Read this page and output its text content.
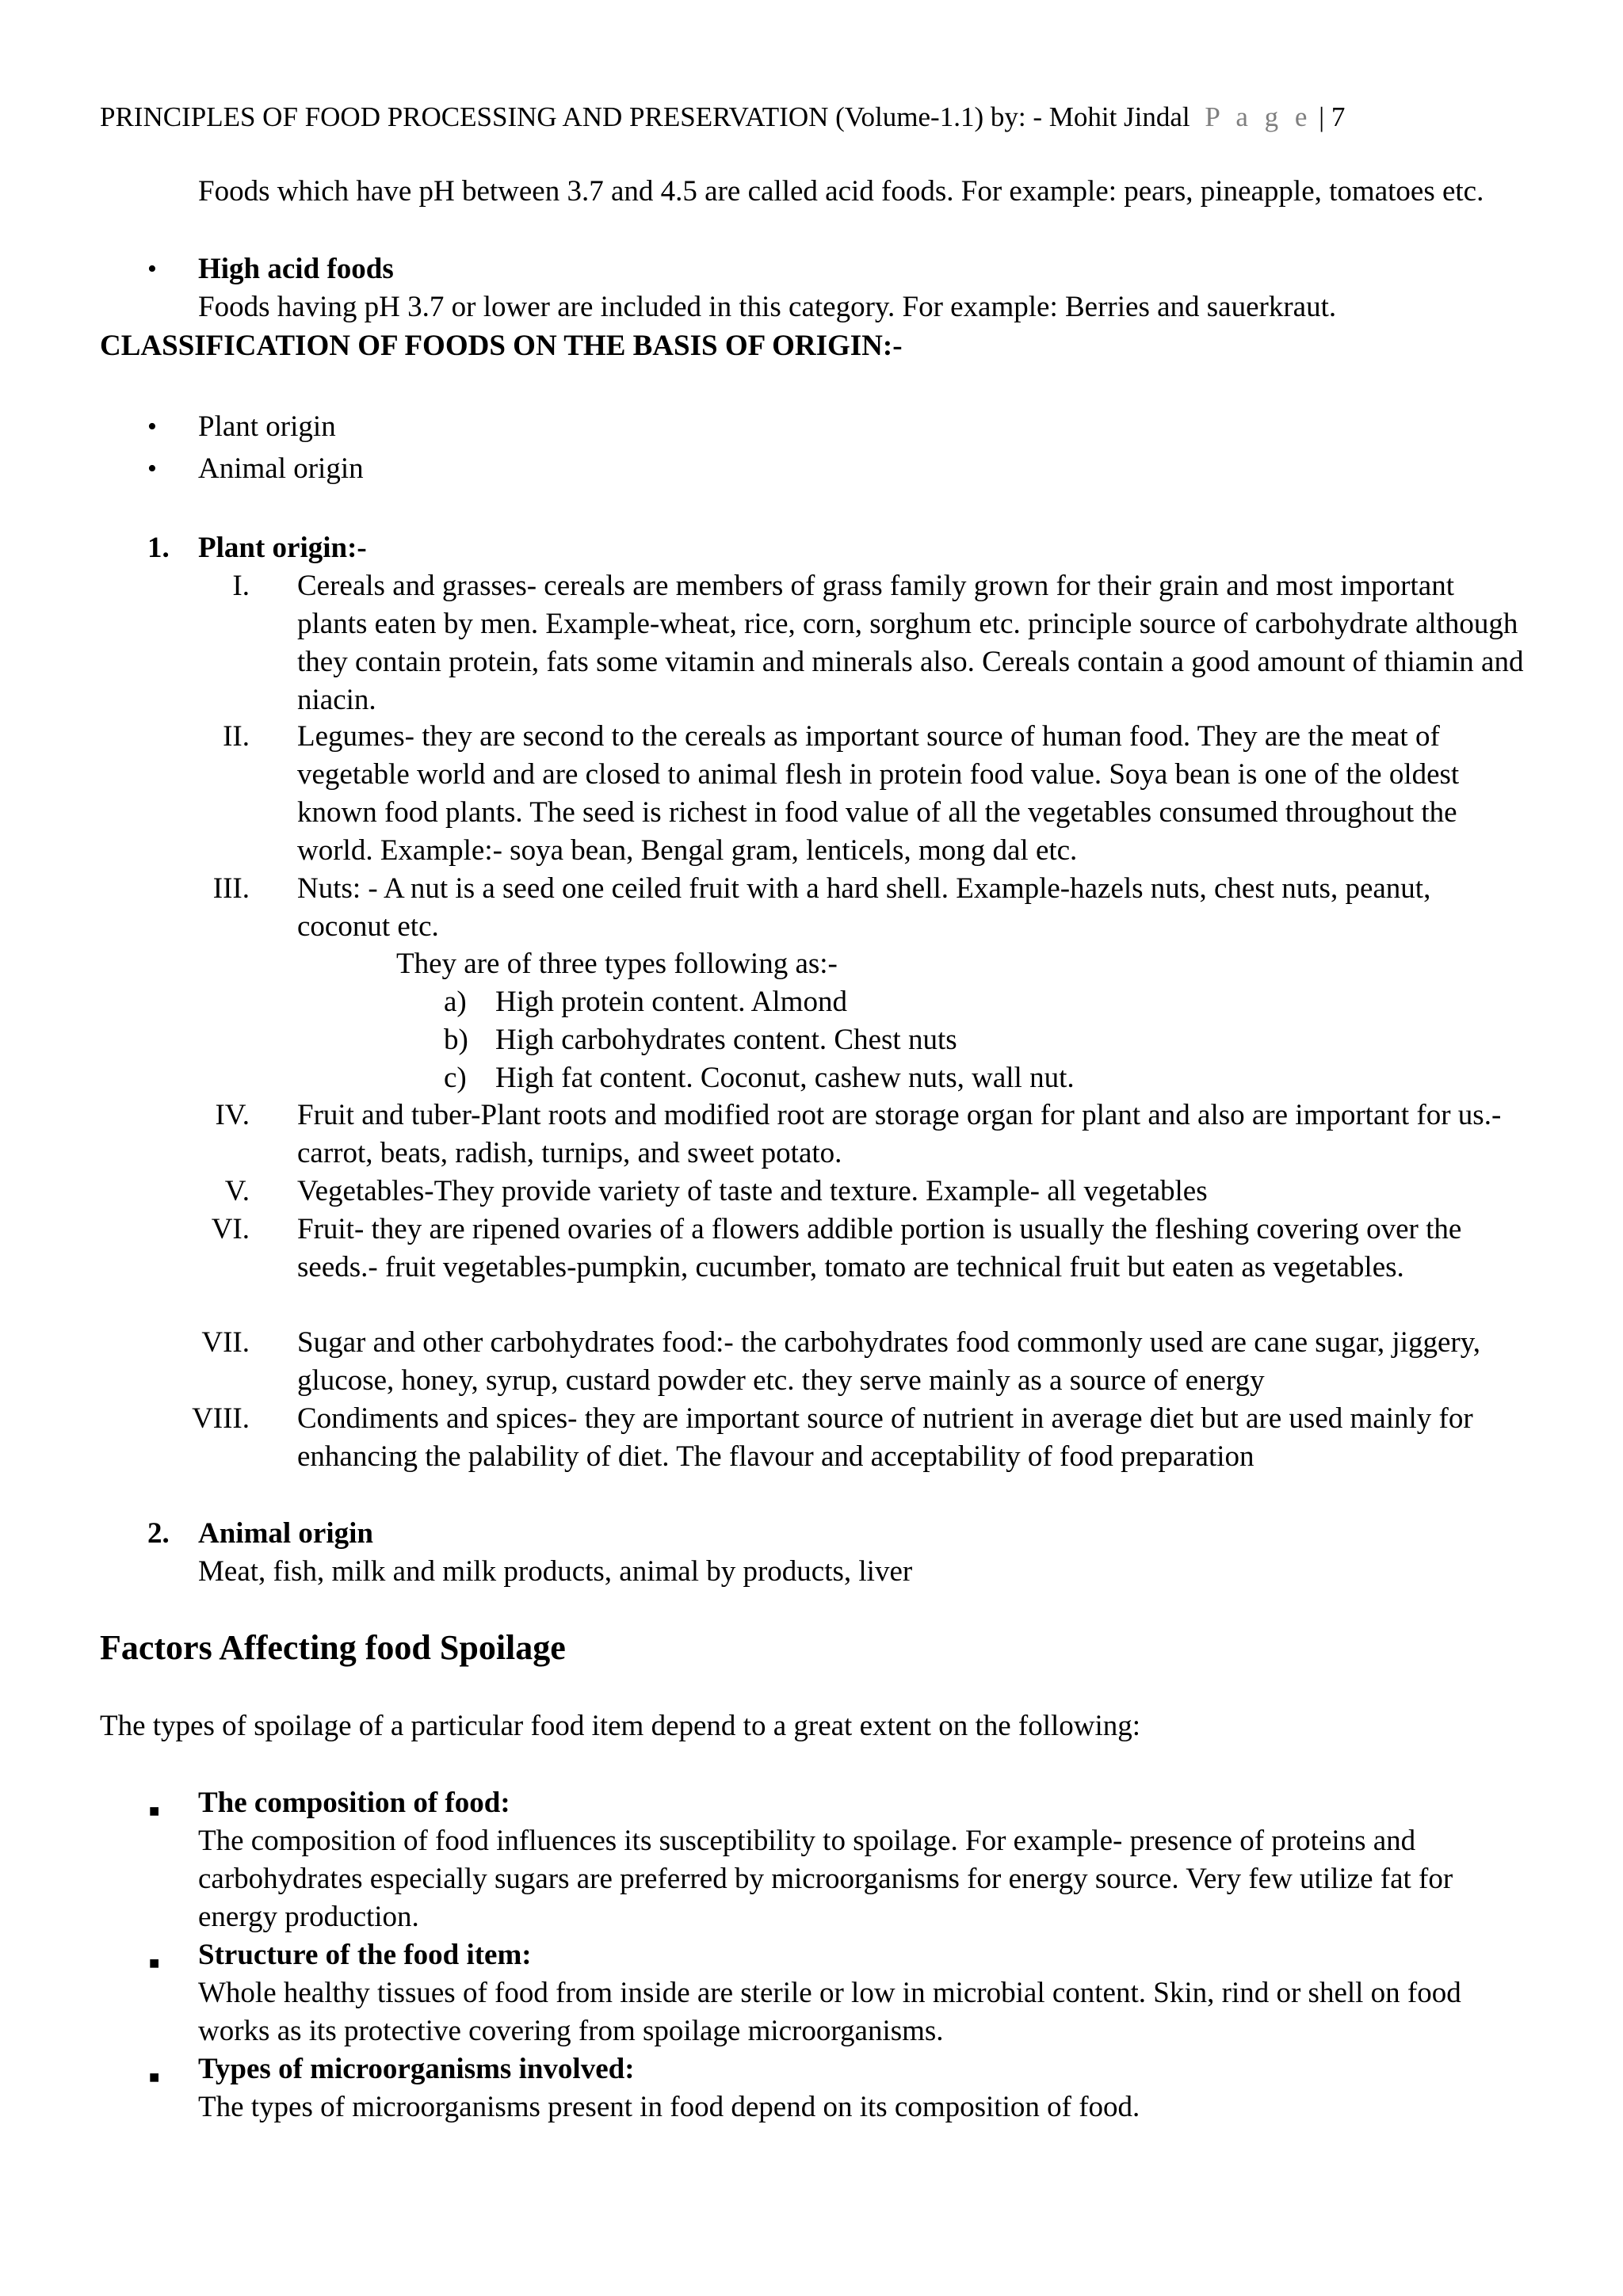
PRINCIPLES OF FOOD PROCESSING AND PRESERVATION (Volume-1.1) by: - Mohit Jindal P a g e | 7

Foods which have pH between 3.7 and 4.5 are called acid foods. For example: pears, pineapple, tomatoes etc.

• High acid foods

Foods having pH 3.7 or lower are included in this category. For example: Berries and sauerkraut.

CLASSIFICATION OF FOODS ON THE BASIS OF ORIGIN:-

• Plant origin

• Animal origin

1. Plant origin:-

I. Cereals and grasses- cereals are members of grass family grown for their grain and most important plants eaten by men. Example-wheat, rice, corn, sorghum etc. principle source of carbohydrate although they contain protein, fats some vitamin and minerals also. Cereals contain a good amount of thiamin and niacin.

II. Legumes- they are second to the cereals as important source of human food. They are the meat of vegetable world and are closed to animal flesh in protein food value. Soya bean is one of the oldest known food plants. The seed is richest in food value of all the vegetables consumed throughout the world. Example:- soya bean, Bengal gram, lenticels, mong dal etc.

III. Nuts: - A nut is a seed one ceiled fruit with a hard shell. Example-hazels nuts, chest nuts, peanut, coconut etc.

They are of three types following as:-

a) High protein content. Almond

b) High carbohydrates content. Chest nuts

c) High fat content. Coconut, cashew nuts, wall nut.

IV. Fruit and tuber-Plant roots and modified root are storage organ for plant and also are important for us.-carrot, beats, radish, turnips, and sweet potato.

V. Vegetables-They provide variety of taste and texture. Example- all vegetables

VI. Fruit- they are ripened ovaries of a flowers addible portion is usually the fleshing covering over the seeds.- fruit vegetables-pumpkin, cucumber, tomato are technical fruit but eaten as vegetables.

VII. Sugar and other carbohydrates food:- the carbohydrates food commonly used are cane sugar, jiggery, glucose, honey, syrup, custard powder etc. they serve mainly as a source of energy

VIII. Condiments and spices- they are important source of nutrient in average diet but are used mainly for enhancing the palability of diet. The flavour and acceptability of food preparation

2. Animal origin

Meat, fish, milk and milk products, animal by products, liver

Factors Affecting food Spoilage

The types of spoilage of a particular food item depend to a great extent on the following:

■ The composition of food:

The composition of food influences its susceptibility to spoilage. For example- presence of proteins and carbohydrates especially sugars are preferred by microorganisms for energy source. Very few utilize fat for energy production.

■ Structure of the food item:

Whole healthy tissues of food from inside are sterile or low in microbial content. Skin, rind or shell on food works as its protective covering from spoilage microorganisms.

■ Types of microorganisms involved:

The types of microorganisms present in food depend on its composition of food.
